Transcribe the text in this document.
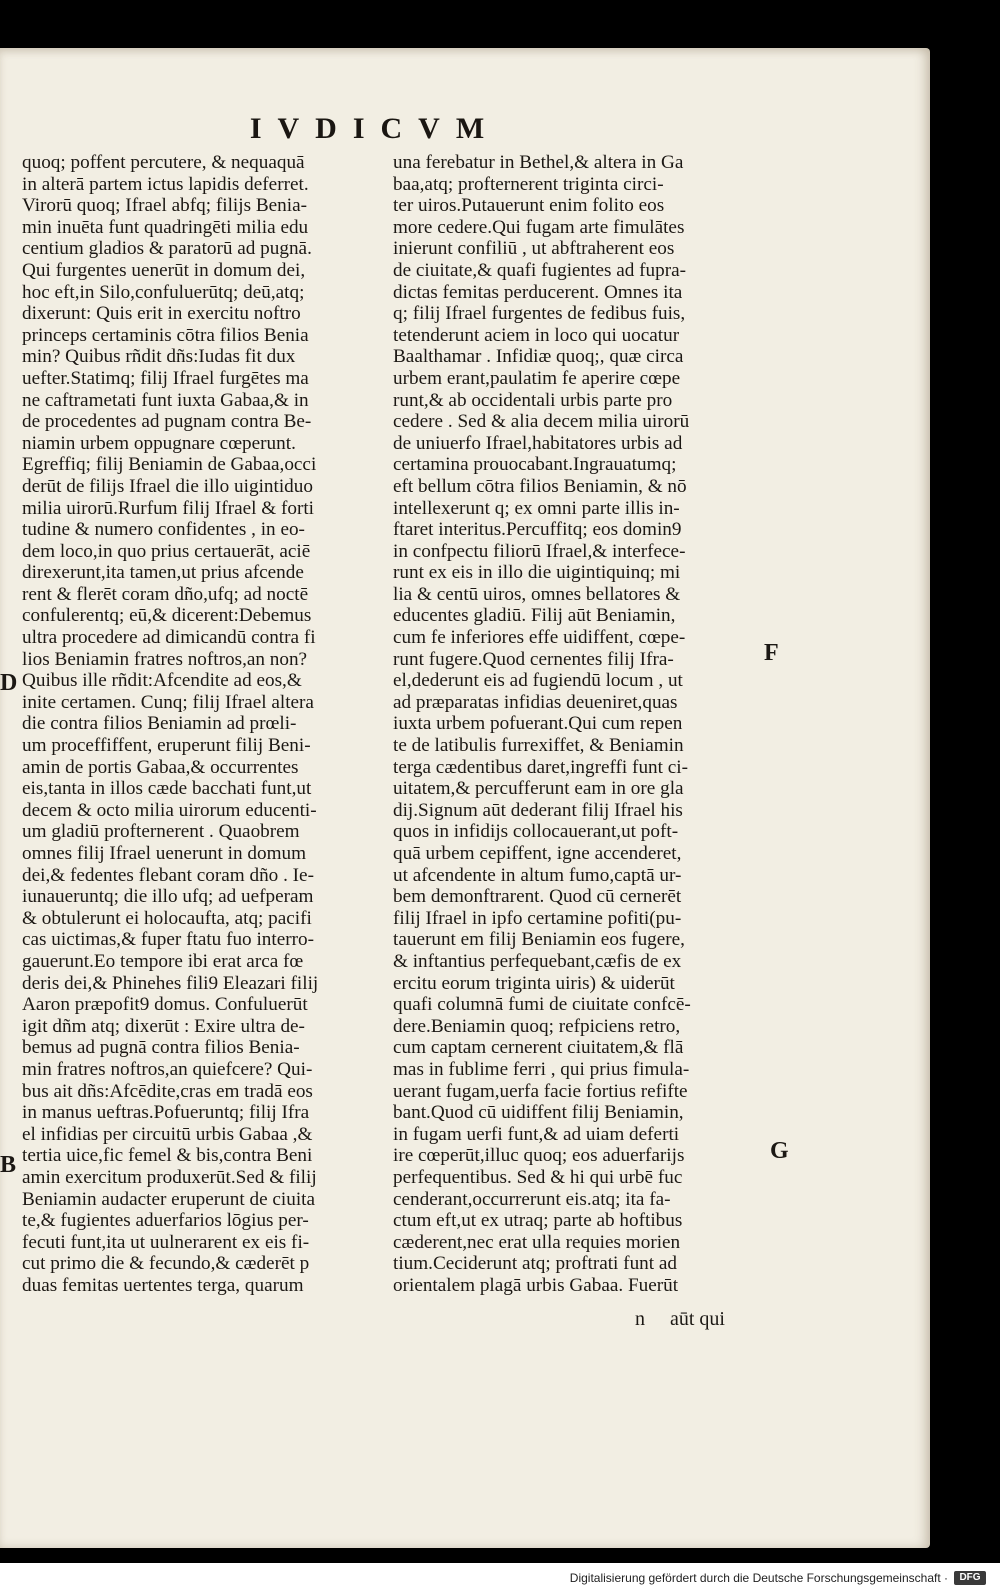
IVDICVM
quoq; poffent percutere, & nequaquā
in alterā partem ictus lapidis deferret.
Virorū quoq; Ifrael abfq; filijs Benia-
min inuēta funt quadringēti milia edu
centium gladios & paratorū ad pugnā.
Qui furgentes uenerūt in domum dei,
hoc eft,in Silo,confuluerūtq; deū,atq;
dixerunt: Quis erit in exercitu noftro
princeps certaminis cōtra filios Benia
min? Quibus rñdit dñs:Iudas fit dux
uefter.Statimq; filij Ifrael furgētes ma
ne caftrametati funt iuxta Gabaa,& in
de procedentes ad pugnam contra Be-
niamin urbem oppugnare cœperunt.
Egreffiq; filij Beniamin de Gabaa,occi
derūt de filijs Ifrael die illo uigintiduo
milia uirorū.Rurfum filij Ifrael & forti
tudine & numero confidentes , in eo-
dem loco,in quo prius certauerāt, aciē
direxerunt,ita tamen,ut prius afcende
rent & flerēt coram dño,ufq; ad noctē
confulerentq; eū,& dicerent:Debemus
ultra procedere ad dimicandū contra fi
lios Beniamin fratres noftros,an non?
Quibus ille rñdit:Afcendite ad eos,&
inite certamen. Cunq; filij Ifrael altera
die contra filios Beniamin ad prœli-
um proceffiffent, eruperunt filij Beni-
amin de portis Gabaa,& occurrentes
eis,tanta in illos cæde bacchati funt,ut
decem & octo milia uirorum educenti-
um gladiū profternerent . Quaobrem
omnes filij Ifrael uenerunt in domum
dei,& fedentes flebant coram dño . Ie-
iunaueruntq; die illo ufq; ad uefperam
& obtulerunt ei holocaufta, atq; pacifi
cas uictimas,& fuper ftatu fuo interro-
gauerunt.Eo tempore ibi erat arca fœ
deris dei,& Phinehes fili9 Eleazari filij
Aaron præpofit9 domus. Confuluerūt
igit dñm atq; dixerūt : Exire ultra de-
bemus ad pugnā contra filios Benia-
min fratres noftros,an quiefcere? Qui-
bus ait dñs:Afcēdite,cras em tradā eos
in manus ueftras.Pofueruntq; filij Ifra
el infidias per circuitū urbis Gabaa ,&
tertia uice,fic femel & bis,contra Beni
amin exercitum produxerūt.Sed & filij
Beniamin audacter eruperunt de ciuita
te,& fugientes aduerfarios lōgius per-
fecuti funt,ita ut uulnerarent ex eis fi-
cut primo die & fecundo,& cæderēt p
duas femitas uertentes terga, quarum
una ferebatur in Bethel,& altera in Ga
baa,atq; profternerent triginta circi-
ter uiros.Putauerunt enim folito eos
more cedere.Qui fugam arte fimulātes
inierunt confiliū , ut abftraherent eos
de ciuitate,& quafi fugientes ad fupra-
dictas femitas perducerent. Omnes ita
q; filij Ifrael furgentes de fedibus fuis,
tetenderunt aciem in loco qui uocatur
Baalthamar . Infidiæ quoq;, quæ circa
urbem erant,paulatim fe aperire cœpe
runt,& ab occidentali urbis parte pro
cedere . Sed & alia decem milia uirorū
de uniuerfo Ifrael,habitatores urbis ad
certamina prouocabant.Ingrauatumq;
eft bellum cōtra filios Beniamin, & nō
intellexerunt q; ex omni parte illis in-
ftaret interitus.Percuffitq; eos domin9
in confpectu filiorū Ifrael,& interfece-
runt ex eis in illo die uigintiquinq; mi
lia & centū uiros, omnes bellatores &
educentes gladiū. Filij aūt Beniamin,
cum fe inferiores effe uidiffent, cœpe-
runt fugere.Quod cernentes filij Ifra-
el,dederunt eis ad fugiendū locum , ut
ad præparatas infidias deueniret,quas
iuxta urbem pofuerant.Qui cum repen
te de latibulis furrexiffet, & Beniamin
terga cædentibus daret,ingreffi funt ci-
uitatem,& percufferunt eam in ore gla
dij.Signum aūt dederant filij Ifrael his
quos in infidijs collocauerant,ut poft-
quā urbem cepiffent, igne accenderet,
ut afcendente in altum fumo,captā ur-
bem demonftrarent. Quod cū cernerēt
filij Ifrael in ipfo certamine pofiti(pu-
tauerunt em filij Beniamin eos fugere,
& inftantius perfequebant,cæfis de ex
ercitu eorum triginta uiris) & uiderūt
quafi columnā fumi de ciuitate confcē-
dere.Beniamin quoq; refpiciens retro,
cum captam cernerent ciuitatem,& flā
mas in fublime ferri , qui prius fimula-
uerant fugam,uerfa facie fortius refifte
bant.Quod cū uidiffent filij Beniamin,
in fugam uerfi funt,& ad uiam deferti
ire cœperūt,illuc quoq; eos aduerfarijs
perfequentibus. Sed & hi qui urbē fuc
cenderant,occurrerunt eis.atq; ita fa-
ctum eft,ut ex utraq; parte ab hoftibus
cæderent,nec erat ulla requies morien
tium.Ceciderunt atq; proftrati funt ad
orientalem plagā urbis Gabaa. Fuerūt
D
B
F
G
n     aūt qui
Digitalisierung gefördert durch die Deutsche Forschungsgemeinschaft ·	DFG
